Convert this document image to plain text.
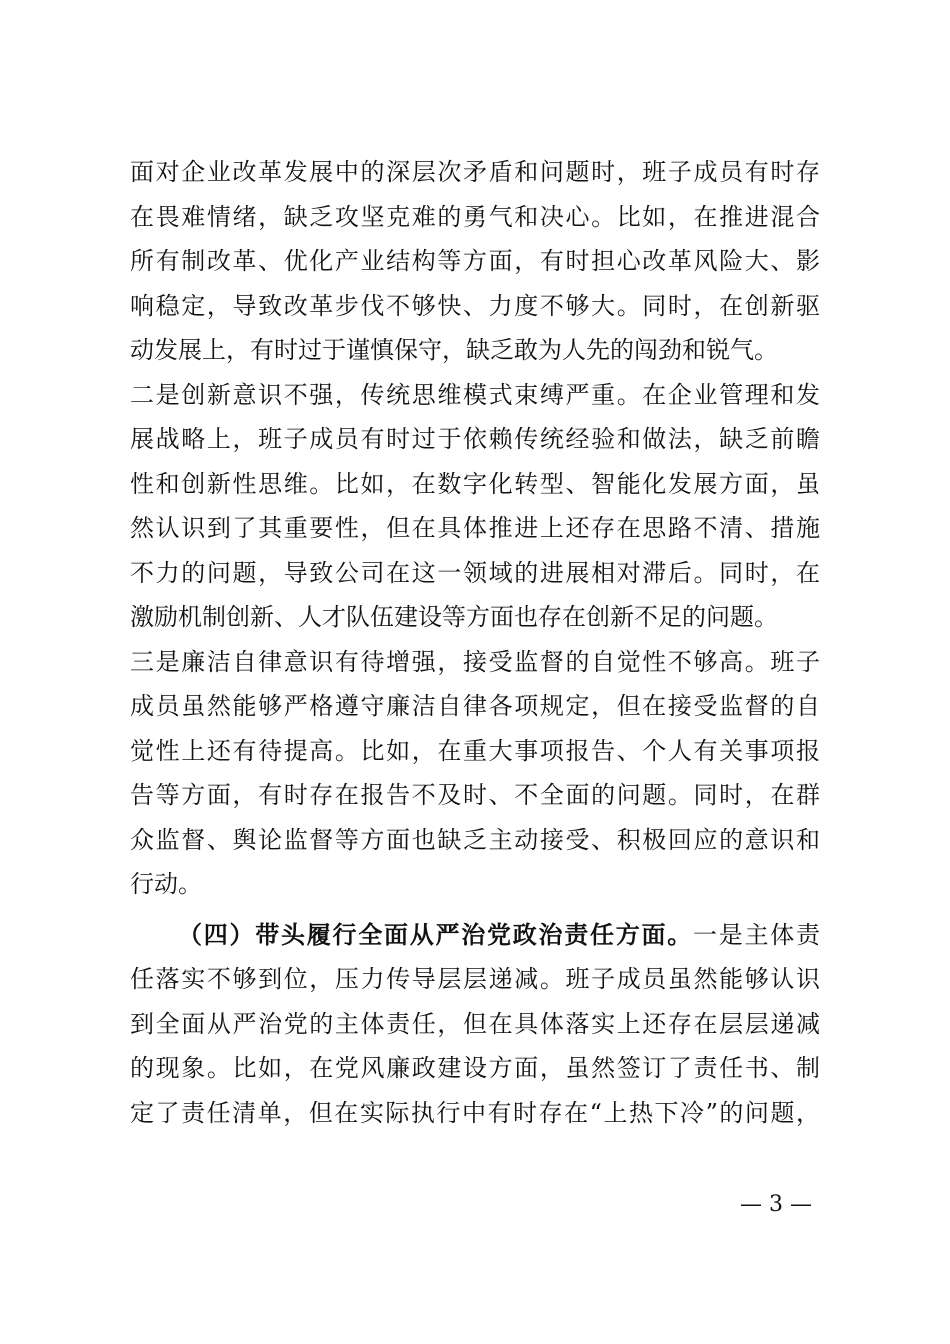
面对企业改革发展中的深层次矛盾和问题时，班子成员有时存
在畏难情绪，缺乏攻坚克难的勇气和决心。比如，在推进混合
所有制改革、优化产业结构等方面，有时担心改革风险大、影
响稳定，导致改革步伐不够快、力度不够大。同时，在创新驱
动发展上，有时过于谨慎保守，缺乏敢为人先的闯劲和锐气。
二是创新意识不强，传统思维模式束缚严重。在企业管理和发
展战略上，班子成员有时过于依赖传统经验和做法，缺乏前瞻
性和创新性思维。比如，在数字化转型、智能化发展方面，虽
然认识到了其重要性，但在具体推进上还存在思路不清、措施
不力的问题，导致公司在这一领域的进展相对滞后。同时，在
激励机制创新、人才队伍建设等方面也存在创新不足的问题。
三是廉洁自律意识有待增强，接受监督的自觉性不够高。班子
成员虽然能够严格遵守廉洁自律各项规定，但在接受监督的自
觉性上还有待提高。比如，在重大事项报告、个人有关事项报
告等方面，有时存在报告不及时、不全面的问题。同时，在群
众监督、舆论监督等方面也缺乏主动接受、积极回应的意识和
行动。
（四）带头履行全面从严治党政治责任方面。一是主体责
任落实不够到位，压力传导层层递减。班子成员虽然能够认识
到全面从严治党的主体责任，但在具体落实上还存在层层递减
的现象。比如，在党风廉政建设方面，虽然签订了责任书、制
定了责任清单，但在实际执行中有时存在“上热下冷”的问题，
— 3 —
